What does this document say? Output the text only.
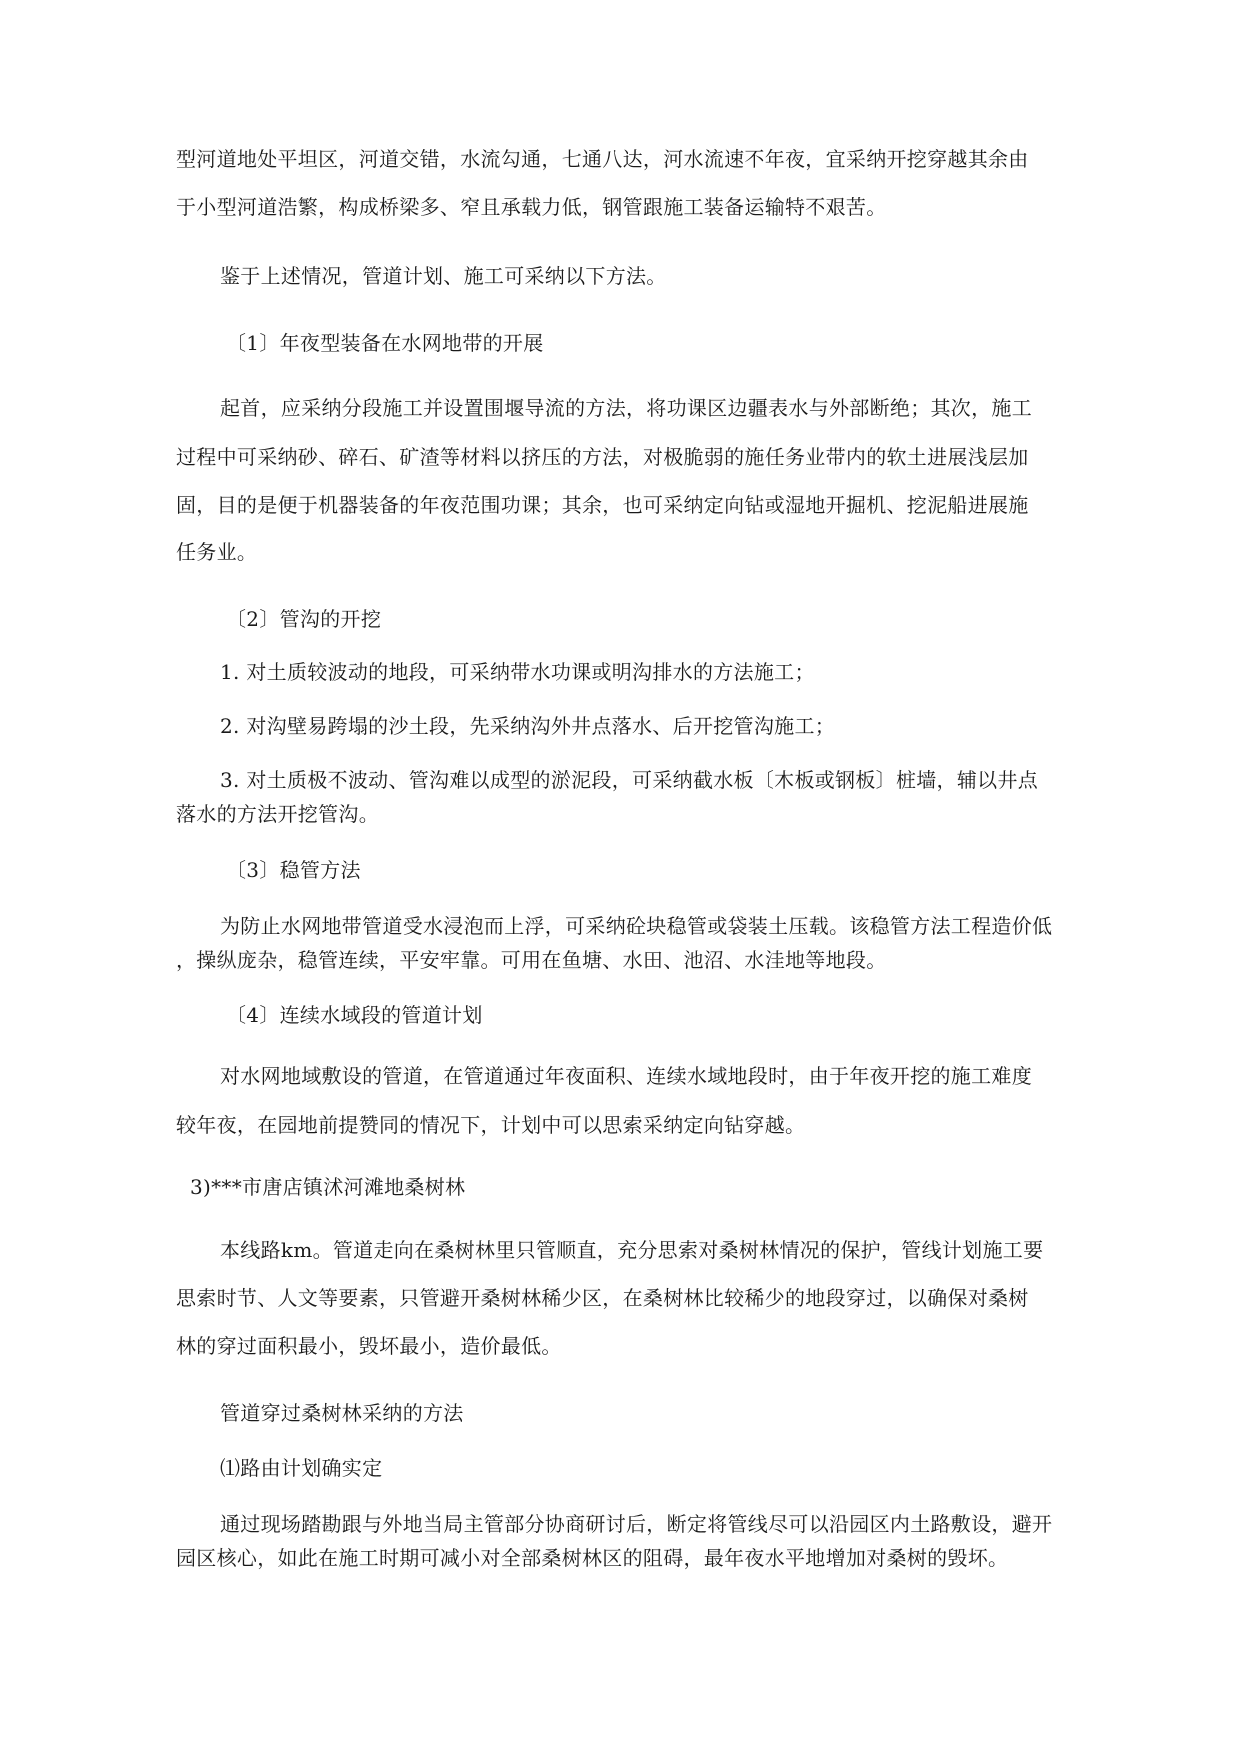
型河道地处平坦区，河道交错，水流勾通，七通八达，河水流速不年夜，宜采纳开挖穿越其余由

于小型河道浩繁，构成桥梁多、窄且承载力低，钢管跟施工装备运输特不艰苦。

鉴于上述情况，管道计划、施工可采纳以下方法。

〔1〕年夜型装备在水网地带的开展

起首，应采纳分段施工并设置围堰导流的方法，将功课区边疆表水与外部断绝；其次，施工

过程中可采纳砂、碎石、矿渣等材料以挤压的方法，对极脆弱的施任务业带内的软土进展浅层加

固，目的是便于机器装备的年夜范围功课；其余，也可采纳定向钻或湿地开掘机、挖泥船进展施

任务业。

〔2〕管沟的开挖

1. 对土质较波动的地段，可采纳带水功课或明沟排水的方法施工；

2. 对沟壁易跨塌的沙土段，先采纳沟外井点落水、后开挖管沟施工；

3. 对土质极不波动、管沟难以成型的淤泥段，可采纳截水板〔木板或钢板〕桩墙，辅以井点

落水的方法开挖管沟。

〔3〕稳管方法

为防止水网地带管道受水浸泡而上浮，可采纳砼块稳管或袋装土压载。该稳管方法工程造价低

，操纵庞杂，稳管连续，平安牢靠。可用在鱼塘、水田、池沼、水洼地等地段。

〔4〕连续水域段的管道计划

对水网地域敷设的管道，在管道通过年夜面积、连续水域地段时，由于年夜开挖的施工难度

较年夜，在园地前提赞同的情况下，计划中可以思索采纳定向钻穿越。

3)***市唐店镇沭河滩地桑树林

本线路km。管道走向在桑树林里只管顺直，充分思索对桑树林情况的保护，管线计划施工要

思索时节、人文等要素，只管避开桑树林稀少区，在桑树林比较稀少的地段穿过，以确保对桑树

林的穿过面积最小，毁坏最小，造价最低。

管道穿过桑树林采纳的方法

⑴路由计划确实定

通过现场踏勘跟与外地当局主管部分协商研讨后，断定将管线尽可以沿园区内土路敷设，避开

园区核心，如此在施工时期可减小对全部桑树林区的阻碍，最年夜水平地增加对桑树的毁坏。
